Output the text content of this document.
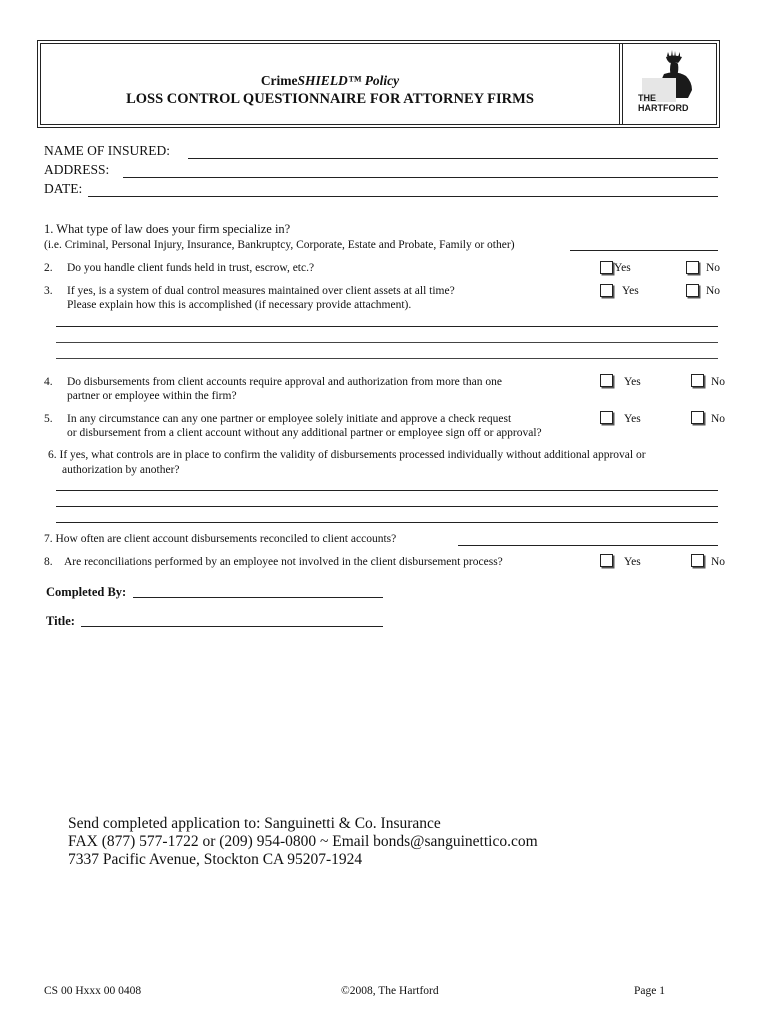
CrimeSHIELD™ Policy
LOSS CONTROL QUESTIONNAIRE FOR ATTORNEY FIRMS	THE
HARTFORD
NAME OF INSURED:
ADDRESS:
DATE:
1. What type of law does your firm specialize in?
(i.e. Criminal, Personal Injury, Insurance, Bankruptcy, Corporate, Estate and Probate, Family or other)
2. Do you handle client funds held in trust, escrow, etc.?	Yes	No
3. If yes, is a system of dual control measures maintained over client assets at all time?
Please explain how this is accomplished (if necessary provide attachment).
Yes	No
4. Do disbursements from client accounts require approval and authorization from more than one
partner or employee within the firm?
Yes	No
5. In any circumstance can any one partner or employee solely initiate and approve a check request
or disbursement from a client account without any additional partner or employee sign off or approval?
Yes	No
6. If yes, what controls are in place to confirm the validity of disbursements processed individually without additional approval or
authorization by another?
7. How often are client account disbursements reconciled to client accounts?
8. Are reconciliations performed by an employee not involved in the client disbursement process?	Yes	No
Completed By:
Title:
Send completed application to: Sanguinetti & Co. Insurance
FAX (877) 577-1722 or (209) 954-0800 ~ Email bonds@sanguinettico.com
7337 Pacific Avenue, Stockton CA 95207-1924
CS 00 Hxxx 00 0408	©2008, The Hartford	Page 1
